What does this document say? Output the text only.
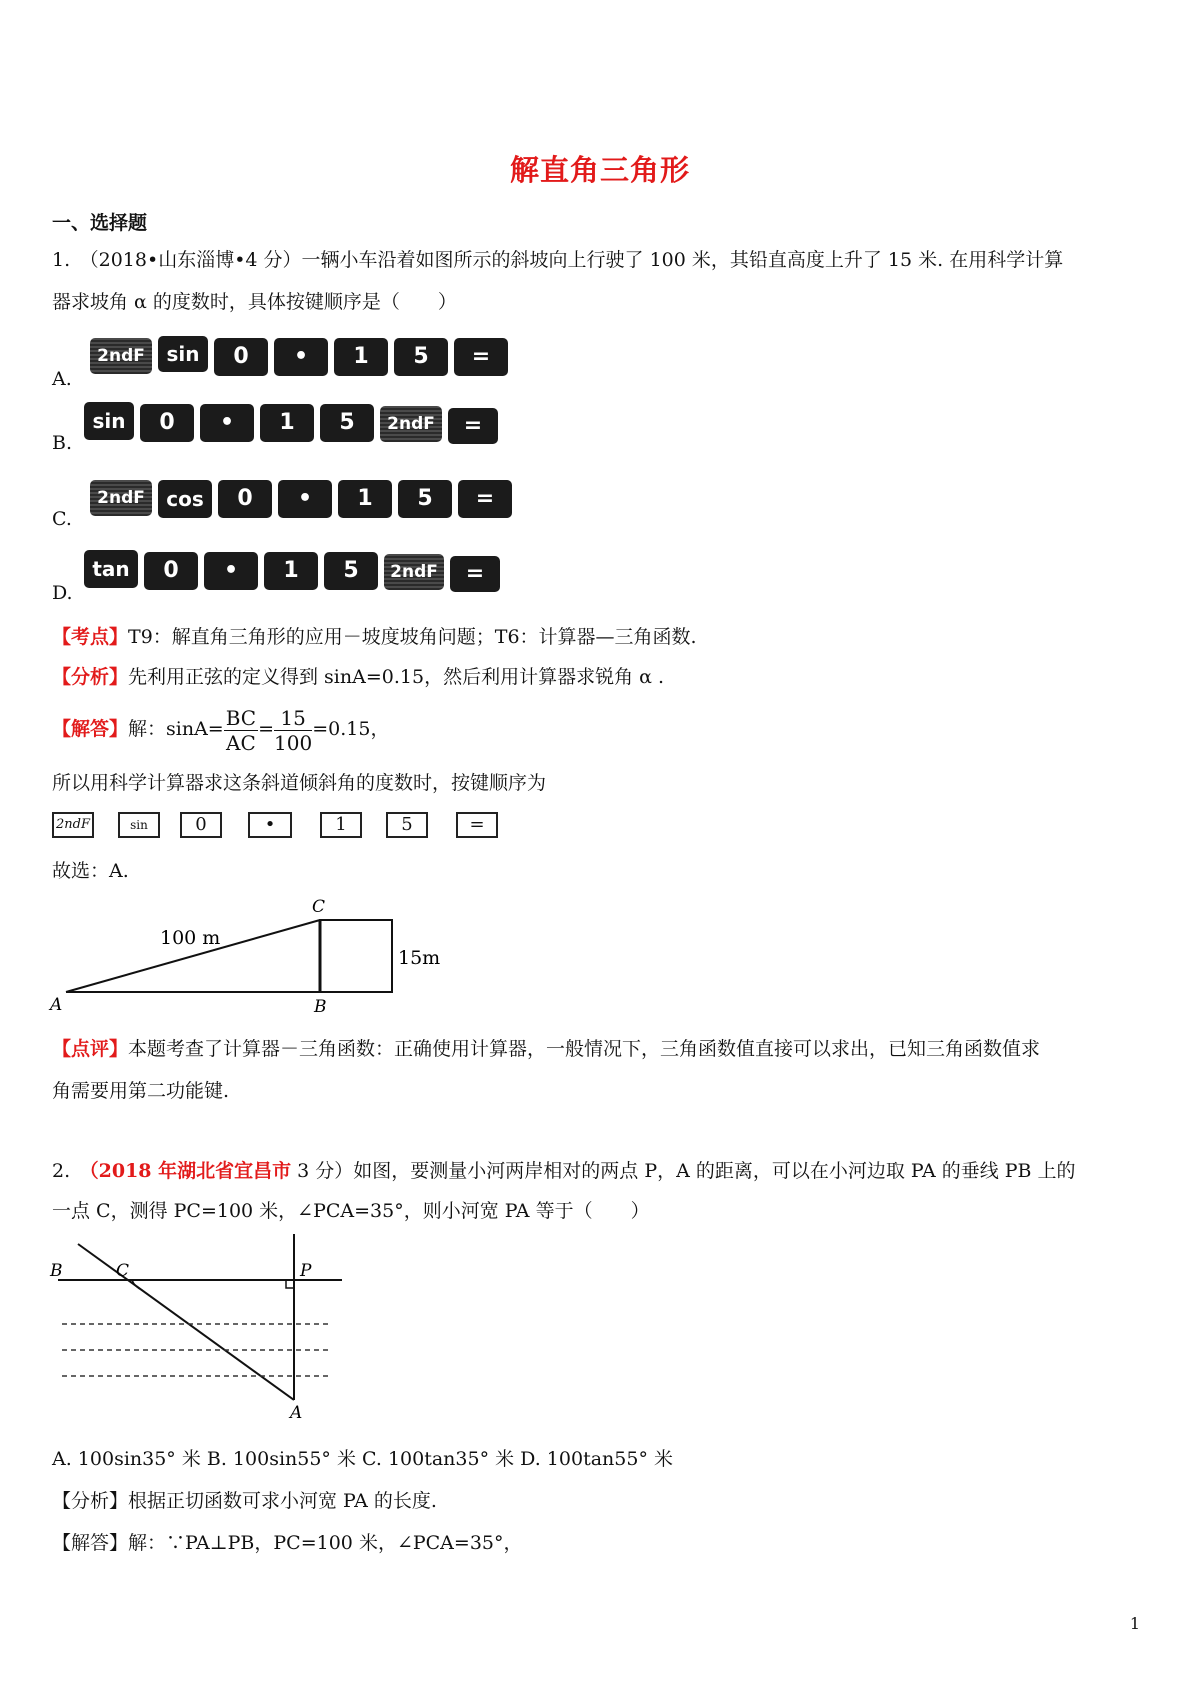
解直角三角形
一、选择题
1.　（2018•山东淄博•4 分）一辆小车沿着如图所示的斜坡向上行驶了 100 米，其铅直高度上升了 15 米. 在用科学计算
器求坡角 α 的度数时，具体按键顺序是（　　）
A.
2ndF	sin	0	•	1	5	=
B.
sin	0	•	1	5	2ndF	=
C.
2ndF	cos	0	•	1	5	=
D.
tan	0	•	1	5	2ndF	=
【考点】T9：解直角三角形的应用－坡度坡角问题；T6：计算器—三角函数.
【分析】先利用正弦的定义得到 sinA=0.15，然后利用计算器求锐角 α .
【解答】解：$\sin A= \frac{BC}{AC} = \frac{15}{100} =0.15$，
所以用科学计算器求这条斜道倾斜角的度数时，按键顺序为
2ndF	sin	0	•	1	5	=
故选：A.
100 m
15m
A	B
C
【点评】本题考查了计算器－三角函数：正确使用计算器，一般情况下，三角函数值直接可以求出，已知三角函数值求
角需要用第二功能键.
2.　（2018 年湖北省宜昌市 3 分）如图，要测量小河两岸相对的两点 P，A 的距离，可以在小河边取 PA 的垂线 PB 上的
一点 C，测得 PC=100 米，∠PCA=35°，则小河宽 PA 等于（　　）
B	C	P
A
A. 100sin35° 米 B. 100sin55° 米 C. 100tan35° 米 D. 100tan55° 米
【分析】根据正切函数可求小河宽 PA 的长度.
【解答】解：∵PA⊥PB，PC=100 米，∠PCA=35°，
1
